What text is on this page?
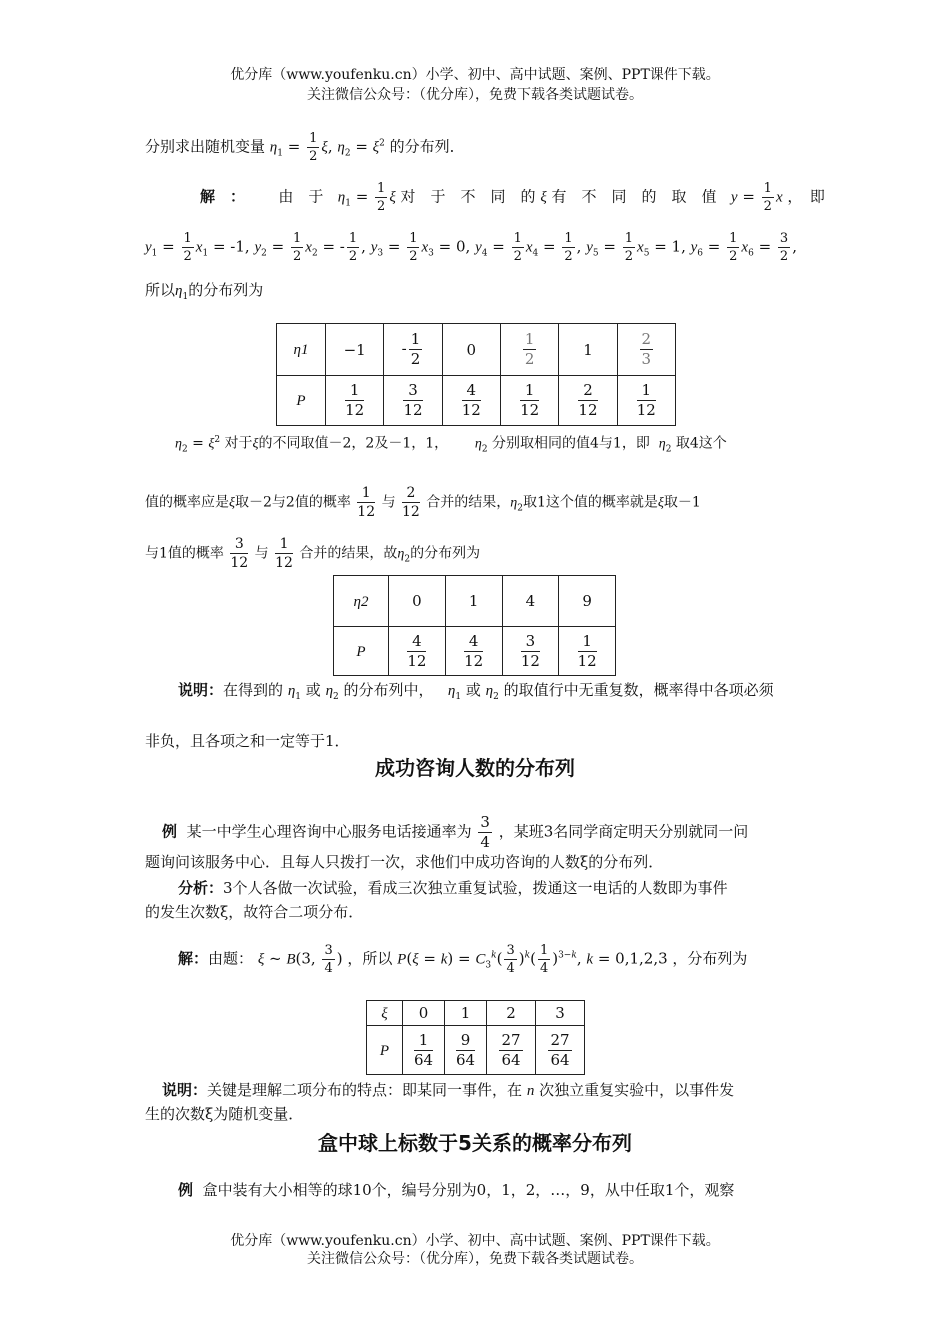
优分库（www.youfenku.cn）小学、初中、高中试题、案例、PPT课件下载。
关注微信公众号：（优分库），免费下载各类试题试卷。
分别求出随机变量 $\eta_1 = \frac{1}{2} \xi$, $\eta_2 = \xi^2$ 的分布列．
解　： 由　于 $\eta_1 = \frac{1}{2}$ ξ 对　于　不　同　的 ξ 有　不　同　的　取　值 $y = \frac{1}{2}$ x ，　即
$y_1 = \frac{1}{2} x_1 = -1$, $y_2 = \frac{1}{2} x_2$ = - $\frac{1}{2}$ , $y_3 = \frac{1}{2} x_3 = 0$, $y_4 = \frac{1}{2} x_4 = \frac{1}{2}$ , $y_5 = \frac{1}{2} x_5 = 1$, $y_6 = \frac{1}{2} x_6 = \frac{3}{2}$ ,
所以$\eta_1$的分布列为
η1	−1	- $\frac{1}{2}$	0	$\frac{1}{2}$	1	$\frac{2}{3}$

P	$\frac{1}{12}$	$\frac{3}{12}$	$\frac{4}{12}$	$\frac{1}{12}$	$\frac{2}{12}$	$\frac{1}{12}$
$\eta_2 = \xi^2$ 对于ξ的不同取值－2，2及－1，1， $\eta_2$ 分别取相同的值4与1，即 $\eta_2$ 取4这个
值的概率应是ξ取－2与2值的概率 $\frac{1}{12}$ 与 $\frac{2}{12}$ 合并的结果，$\eta_2$取1这个值的概率就是ξ取－1
与1值的概率 $\frac{3}{12}$ 与 $\frac{1}{12}$ 合并的结果，故$\eta_2$的分布列为
η2	0	1	4	9
P	$\frac{4}{12}$	$\frac{4}{12}$	$\frac{3}{12}$	$\frac{1}{12}$
说明：在得到的 $\eta_1$ 或 $\eta_2$ 的分布列中， $\eta_1$ 或 $\eta_2$ 的取值行中无重复数，概率得中各项必须
非负，且各项之和一定等于1．
成功咨询人数的分布列
例 某一中学生心理咨询中心服务电话接通率为 $\frac{3}{4}$ ，某班3名同学商定明天分别就同一问
题询问该服务中心．且每人只拨打一次，求他们中成功咨询的人数ξ的分布列．
分析：3个人各做一次试验，看成三次独立重复试验，拨通这一电话的人数即为事件
的发生次数ξ，故符合二项分布．
解：由题： ξ ~ B(3, $\frac{3}{4}$ ) ，所以 $P(\xi = k) = C_3^k( \frac{3}{4} )^k( \frac{1}{4} )^{3-k}$, k = 0,1,2,3 ，分布列为
ξ	0	1	2	3
P	$\frac{1}{64}$	$\frac{9}{64}$	$\frac{27}{64}$	$\frac{27}{64}$
说明：关键是理解二项分布的特点：即某同一事件，在 n 次独立重复实验中，以事件发
生的次数ξ为随机变量．
盒中球上标数于5关系的概率分布列
例 盒中装有大小相等的球10个，编号分别为0，1，2，…，9，从中任取1个，观察
优分库（www.youfenku.cn）小学、初中、高中试题、案例、PPT课件下载。
关注微信公众号：（优分库），免费下载各类试题试卷。
